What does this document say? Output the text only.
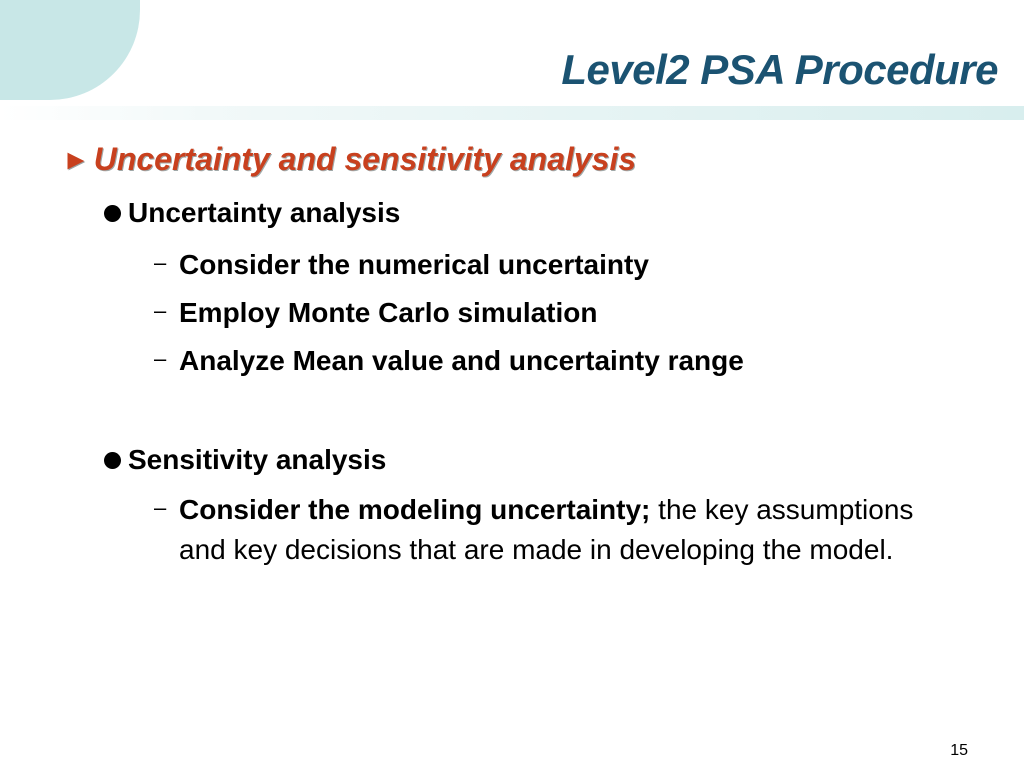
Level2 PSA Procedure
► Uncertainty and sensitivity analysis
Uncertainty analysis
– Consider the numerical uncertainty
– Employ Monte Carlo simulation
– Analyze Mean value and uncertainty range
Sensitivity analysis
– Consider the modeling uncertainty; the key assumptions and key decisions that are made in developing the model.
15
